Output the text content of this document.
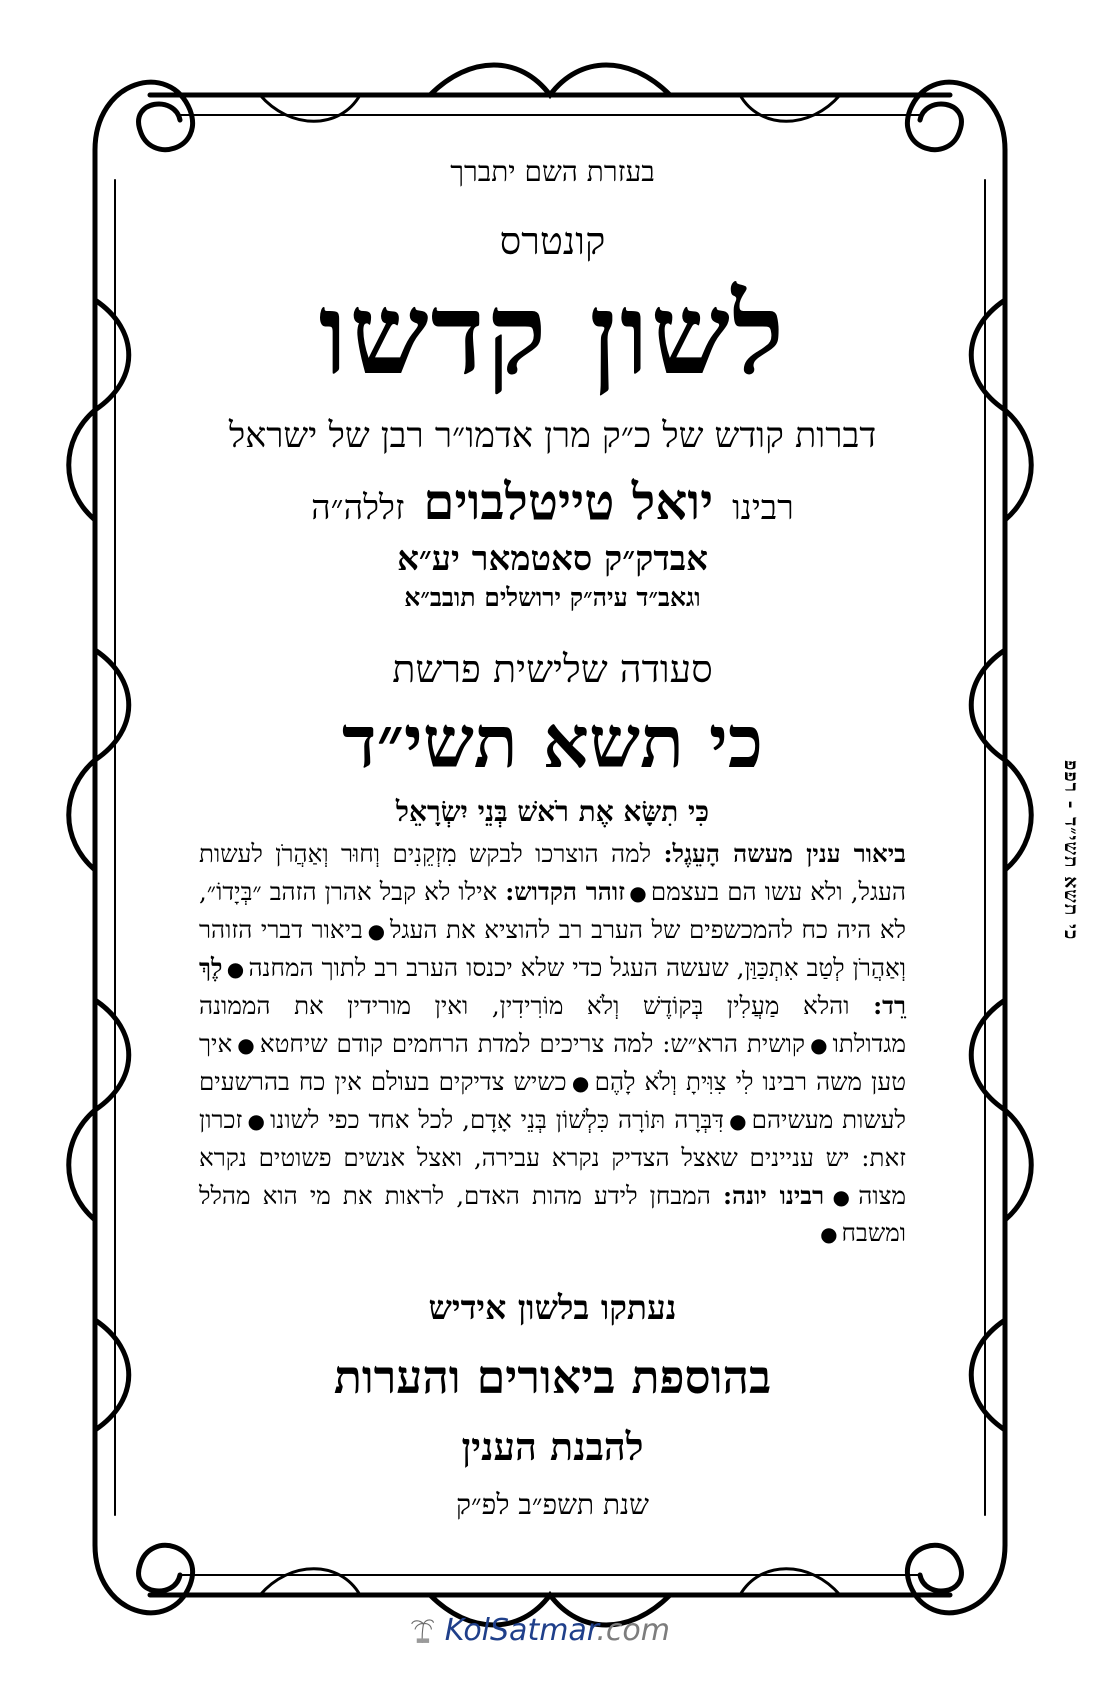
בעזרת השם יתברך
קונטרס
לשון קדשו
דברות קודש של כ״ק מרן אדמו״ר רבן של ישראל
רבינו יואל טייטלבוים זללה״ה
אבדק״ק סאטמאר יע״א
וגאב״ד עיה״ק ירושלים תובב״א
סעודה שלישית פרשת
כי תשא תשי״ד
כִּי תִשָּׂא אֶת רֹאשׁ בְּנֵי יִשְׂרָאֵל
ביאור ענין מעשה הָעֵגֶל: למה הוצרכו לבקש מִזְקֵנִים וְחוּר וְאַהֲרֹן לעשות העגל, ולא עשו הם בעצמם●זוהר הקדוש: אילו לא קבל אהרן הזהב ״בְּיָדוֹ״, לא היה כח להמכשפים של הערב רב להוציא את העגל●ביאור דברי הזוהר וְאַהֲרֹן לְטַב אִתְכַּוַּן, שעשה העגל כדי שלא יכנסו הערב רב לתוך המחנה●לֶךְ רֵד: והלא מַעֲלִין בְּקוֹדֶשׁ וְלֹא מוֹרִידִין, ואין מורידין את הממונה מגדולתו●קושית הרא״ש: למה צריכים למדת הרחמים קודם שיחטא●איך טען משה רבינו לִי צִוִּיתָ וְלֹא לָהֶם●כשיש צדיקים בעולם אין כח בהרשעים לעשות מעשיהם●דִּבְּרָה תּוֹרָה כִּלְשׁוֹן בְּנֵי אָדָם, לכל אחד כפי לשונו●זכרון זאת: יש עניינים שאצל הצדיק נקרא עבירה, ואצל אנשים פשוטים נקרא מצוה●רבינו יונה: המבחן לידע מהות האדם, לראות את מי הוא מהלל ומשבח●
נעתקו בלשון אידיש
בהוספת ביאורים והערות
להבנת הענין
שנת תשפ״ב לפ״ק
כי תשא תשי״ד - רפפ
KolSatmar.com
